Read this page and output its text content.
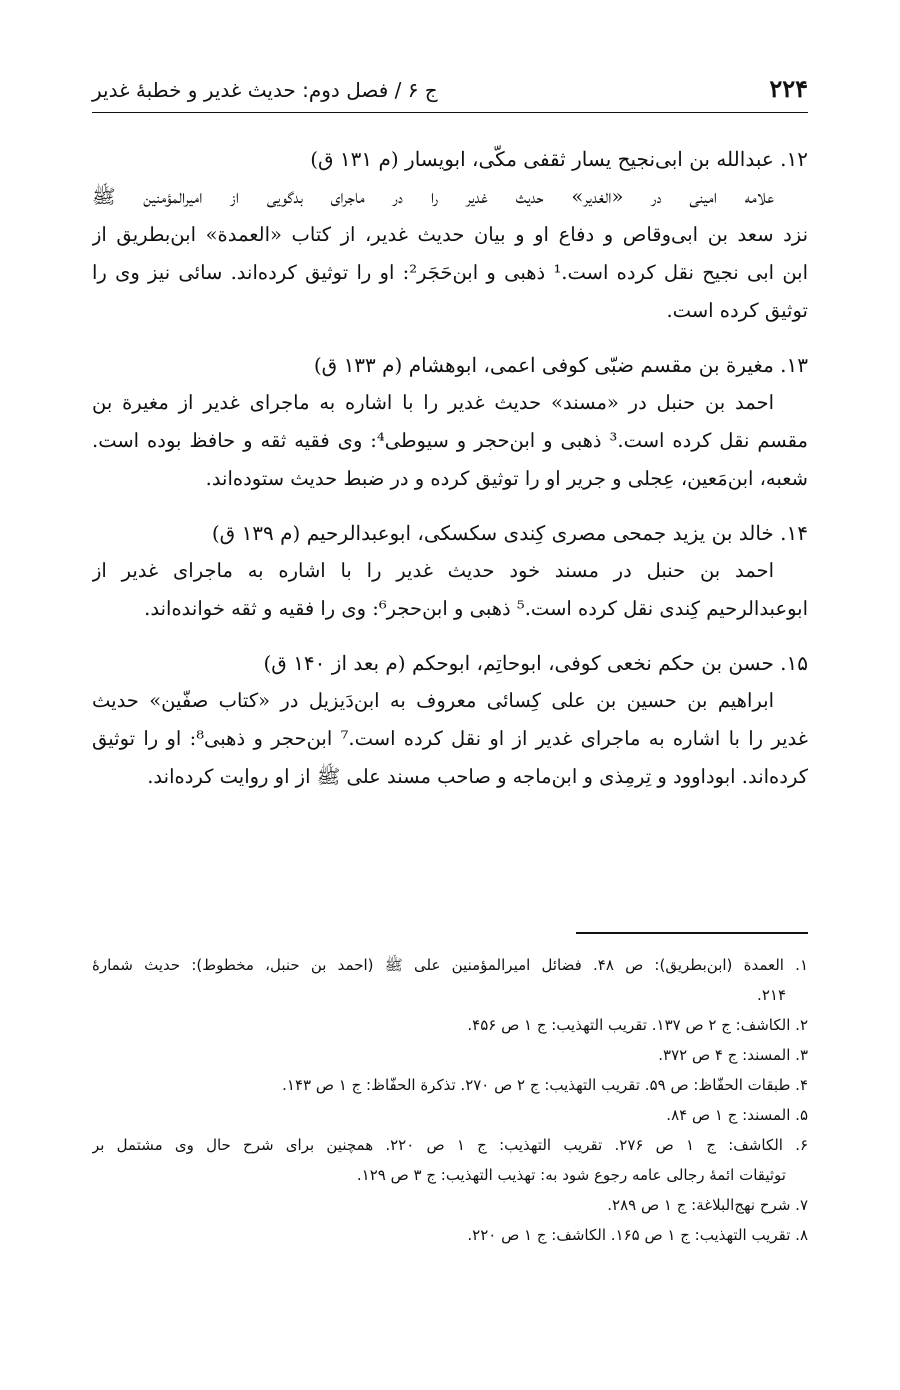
۲۲۴
ج ۶ / فصل دوم: حدیث غدیر و خطبهٔ غدیر
۱۲. عبدالله بن ابی‌نجیح یسار ثقفی مکّی، ابویسار (م ۱۳۱ ق)
علامه امینی در «الغدیر» حدیث غدیر را در ماجرای بدگویی از امیرالمؤمنین ﷺ
نزد سعد بن ابی‌وقاص و دفاع او و بیان حدیث غدیر، از کتاب «العمدة» ابن‌بطریق از
ابن ابی نجیح نقل کرده است.¹ ذهبی و ابن‌حَجَر²: او را توثیق کرده‌اند. سائی نیز وی را
توثیق کرده است.
۱۳. مغیرة بن مقسم ضبّی کوفی اعمی، ابوهشام (م ۱۳۳ ق)
احمد بن حنبل در «مسند» حدیث غدیر را با اشاره به ماجرای غدیر از مغیرة بن
مقسم نقل کرده است.³ ذهبی و ابن‌حجر و سیوطی⁴: وی فقیه ثقه و حافظ بوده است.
شعبه، ابن‌مَعین، عِجلی و جریر او را توثیق کرده و در ضبط حدیث ستوده‌اند.
۱۴. خالد بن یزید جمحی مصری کِندی سکسکی، ابوعبدالرحیم (م ۱۳۹ ق)
احمد بن حنبل در مسند خود حدیث غدیر را با اشاره به ماجرای غدیر از
ابوعبدالرحیم کِندی نقل کرده است.⁵ ذهبی و ابن‌حجر⁶: وی را فقیه و ثقه خوانده‌اند.
۱۵. حسن بن حکم نخعی کوفی، ابوحاتِم، ابوحکم (م بعد از ۱۴۰ ق)
ابراهیم بن حسین بن علی کِسائی معروف به ابن‌دَیزیل در «کتاب صفّین» حدیث
غدیر را با اشاره به ماجرای غدیر از او نقل کرده است.⁷ ابن‌حجر و ذهبی⁸: او را توثیق
کرده‌اند. ابوداوود و تِرمِذی و ابن‌ماجه و صاحب مسند علی ﷺ از او روایت کرده‌اند.
۱. العمدة (ابن‌بطریق): ص ۴۸. فضائل امیرالمؤمنین علی ﷺ (احمد بن حنبل، مخطوط): حدیث شمارهٔ
۲۱۴.
۲. الکاشف: ج ۲ ص ۱۳۷. تقریب التهذیب: ج ۱ ص ۴۵۶.
۳. المسند: ج ۴ ص ۳۷۲.
۴. طبقات الحفّاظ: ص ۵۹. تقریب التهذیب: ج ۲ ص ۲۷۰. تذکرة الحفّاظ: ج ۱ ص ۱۴۳.
۵. المسند: ج ۱ ص ۸۴.
۶. الکاشف: ج ۱ ص ۲۷۶. تقریب التهذیب: ج ۱ ص ۲۲۰. همچنین برای شرح حال وی مشتمل بر
توثیقات ائمهٔ رجالی عامه رجوع شود به: تهذیب التهذیب: ج ۳ ص ۱۲۹.
۷. شرح نهج‌البلاغة: ج ۱ ص ۲۸۹.
۸. تقریب التهذیب: ج ۱ ص ۱۶۵. الکاشف: ج ۱ ص ۲۲۰.
